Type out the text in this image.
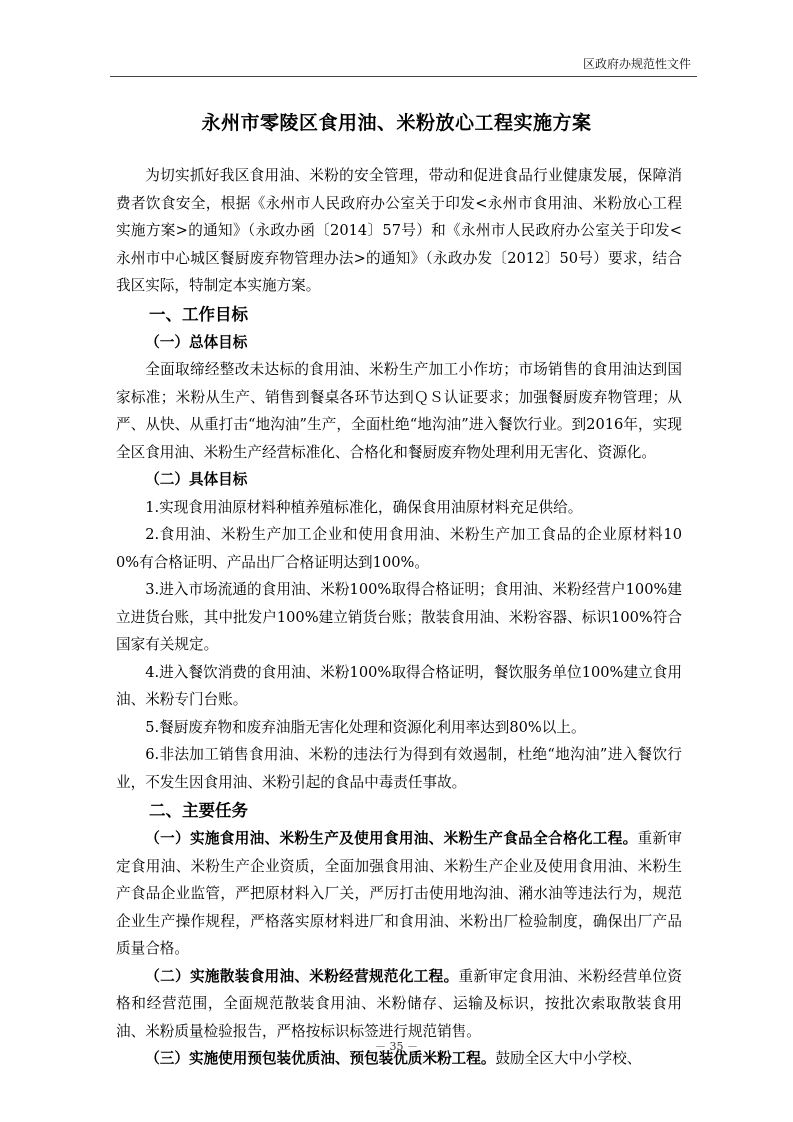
区政府办规范性文件
永州市零陵区食用油、米粉放心工程实施方案

为切实抓好我区食用油、米粉的安全管理，带动和促进食品行业健康发展，保障消费者饮食安全，根据《永州市人民政府办公室关于印发<永州市食用油、米粉放心工程实施方案>的通知》（永政办函〔2014〕57号）和《永州市人民政府办公室关于印发<永州市中心城区餐厨废弃物管理办法>的通知》（永政办发〔2012〕50号）要求，结合我区实际，特制定本实施方案。

一、工作目标

（一）总体目标

全面取缔经整改未达标的食用油、米粉生产加工小作坊；市场销售的食用油达到国家标准；米粉从生产、销售到餐桌各环节达到ＱＳ认证要求；加强餐厨废弃物管理；从严、从快、从重打击“地沟油”生产，全面杜绝“地沟油”进入餐饮行业。到2016年，实现全区食用油、米粉生产经营标准化、合格化和餐厨废弃物处理利用无害化、资源化。

（二）具体目标

1.实现食用油原材料种植养殖标准化，确保食用油原材料充足供给。

2.食用油、米粉生产加工企业和使用食用油、米粉生产加工食品的企业原材料100%有合格证明、产品出厂合格证明达到100%。

3.进入市场流通的食用油、米粉100%取得合格证明；食用油、米粉经营户100%建立进货台账，其中批发户100%建立销货台账；散装食用油、米粉容器、标识100%符合国家有关规定。

4.进入餐饮消费的食用油、米粉100%取得合格证明，餐饮服务单位100%建立食用油、米粉专门台账。

5.餐厨废弃物和废弃油脂无害化处理和资源化利用率达到80%以上。

6.非法加工销售食用油、米粉的违法行为得到有效遏制，杜绝“地沟油”进入餐饮行业，不发生因食用油、米粉引起的食品中毒责任事故。

二、主要任务

（一）实施食用油、米粉生产及使用食用油、米粉生产食品全合格化工程。重新审定食用油、米粉生产企业资质，全面加强食用油、米粉生产企业及使用食用油、米粉生产食品企业监管，严把原材料入厂关，严厉打击使用地沟油、潲水油等违法行为，规范企业生产操作规程，严格落实原材料进厂和食用油、米粉出厂检验制度，确保出厂产品质量合格。

（二）实施散装食用油、米粉经营规范化工程。重新审定食用油、米粉经营单位资格和经营范围，全面规范散装食用油、米粉储存、运输及标识，按批次索取散装食用油、米粉质量检验报告，严格按标识标签进行规范销售。

（三）实施使用预包装优质油、预包装优质米粉工程。鼓励全区大中小学校、

－ 35 －
